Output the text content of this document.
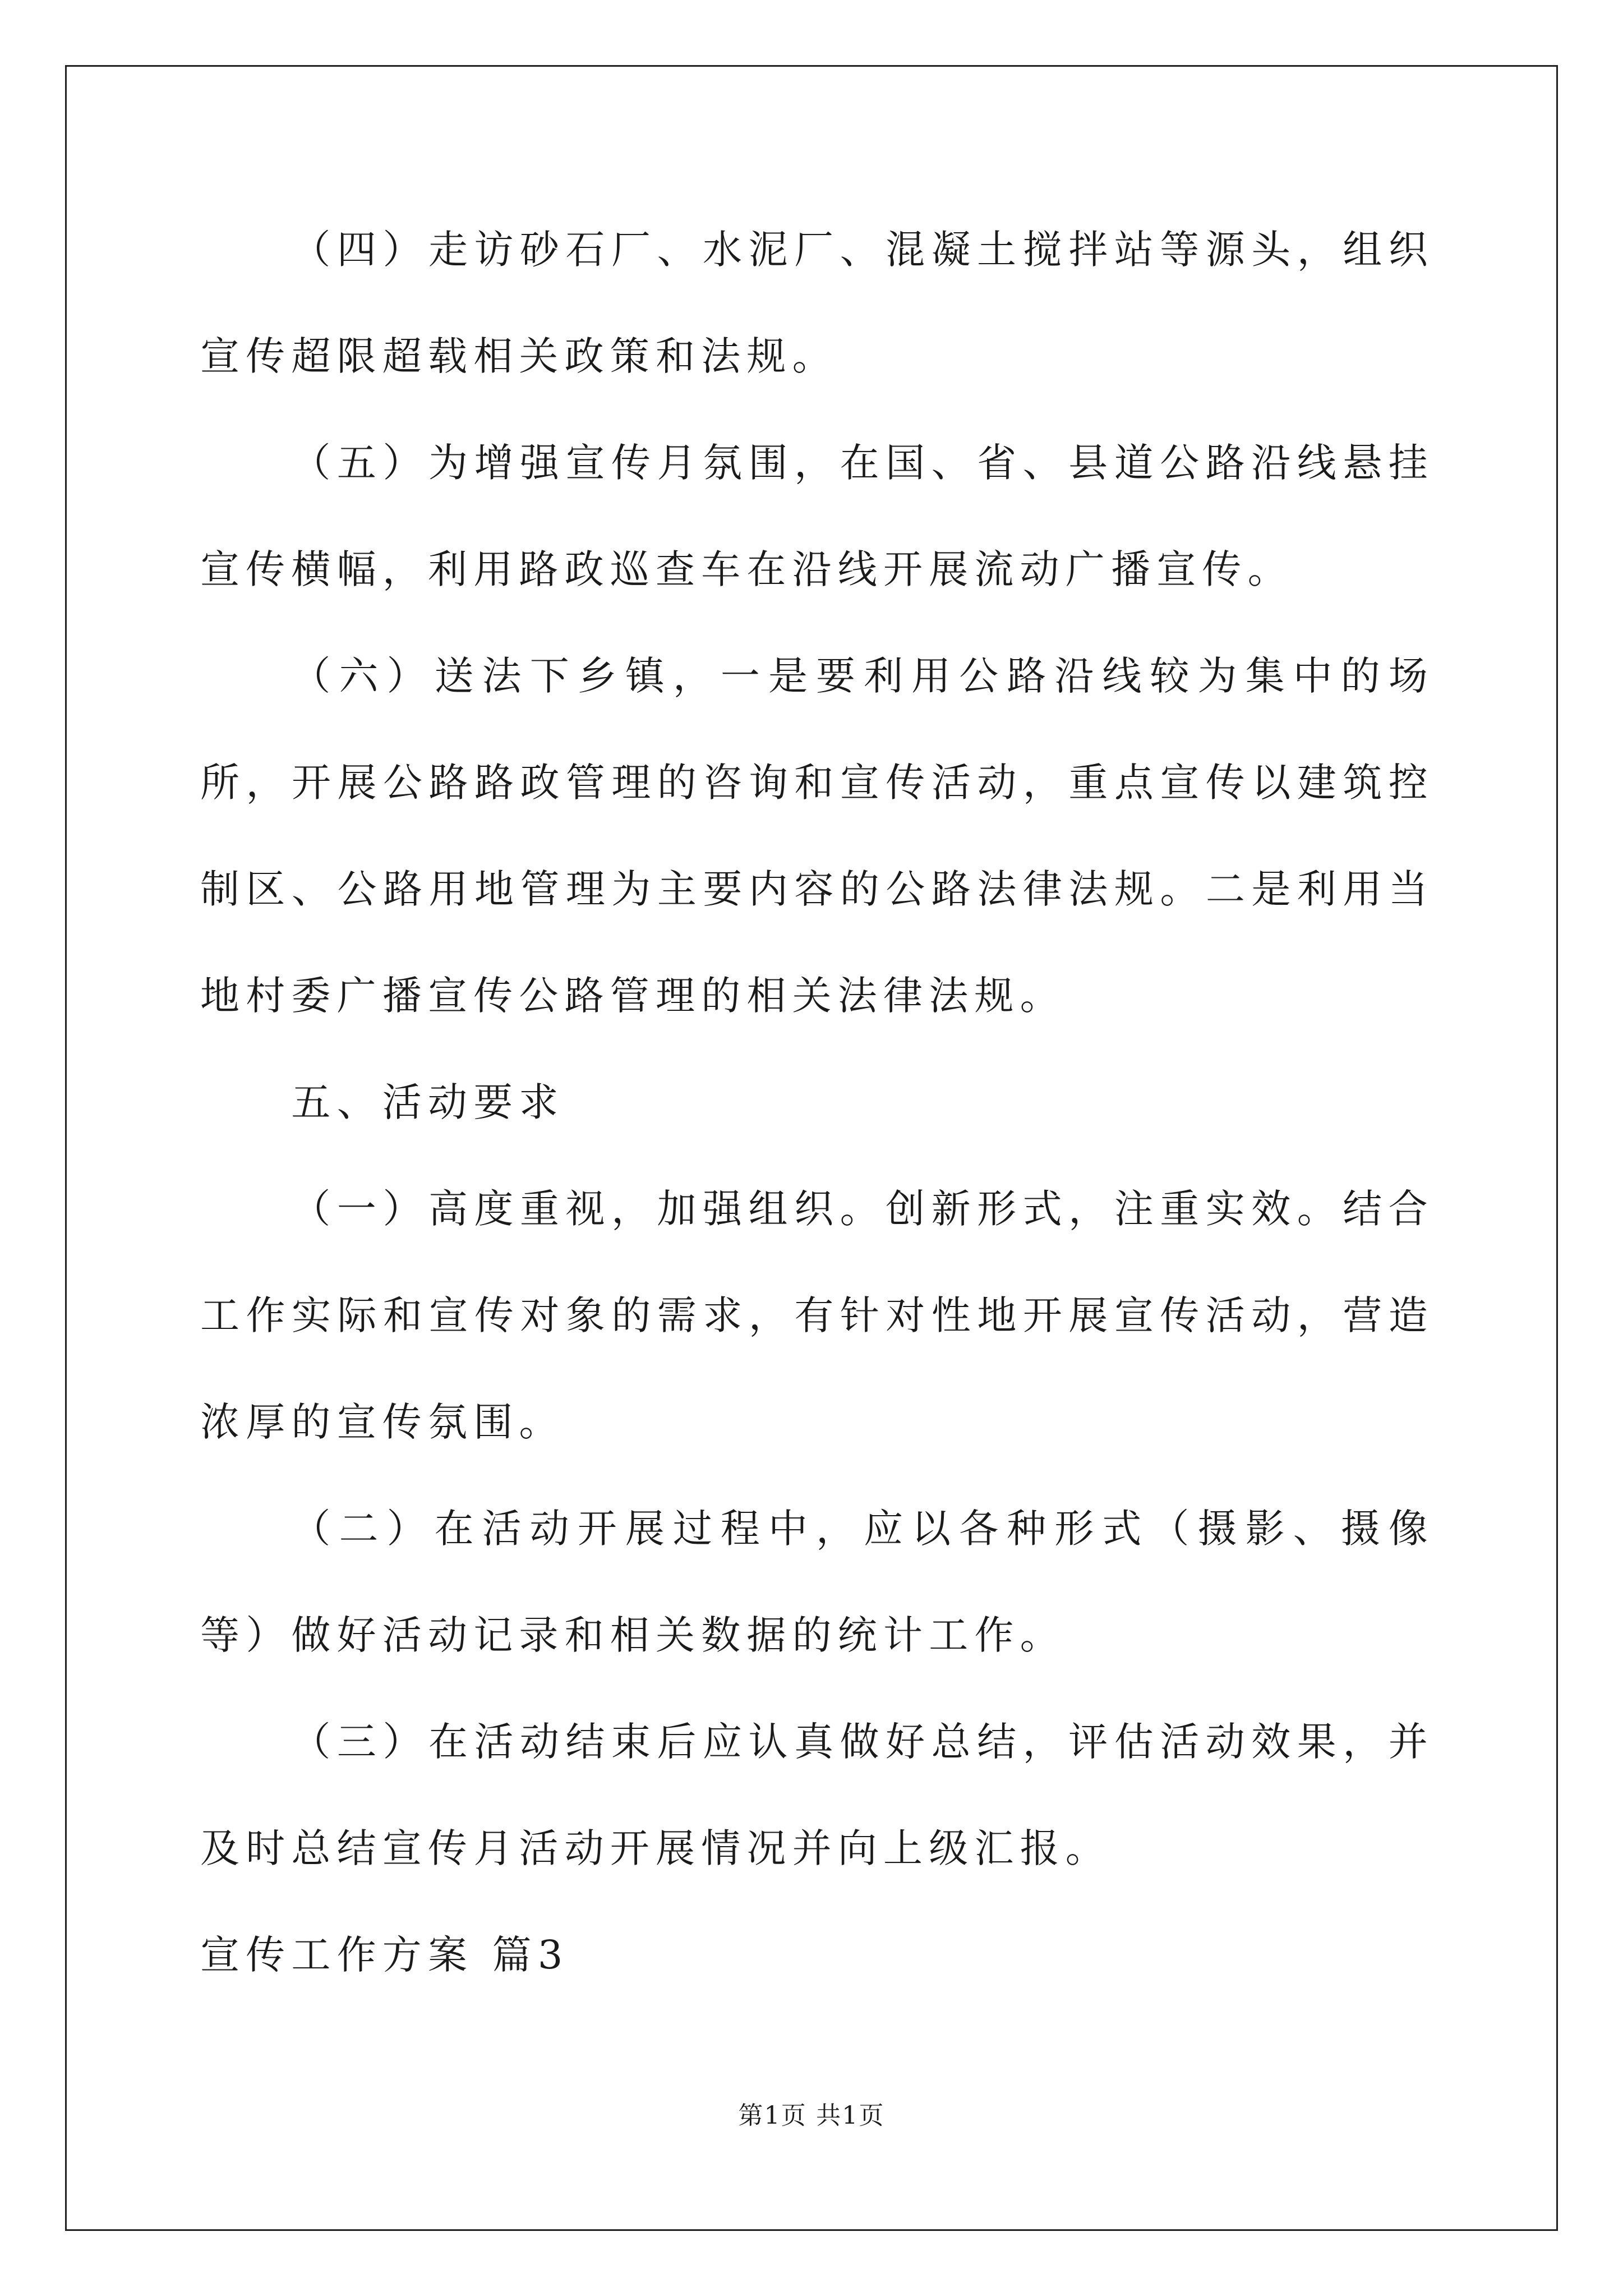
（四）走访砂石厂、水泥厂、混凝土搅拌站等源头，组织宣传超限超载相关政策和法规。

（五）为增强宣传月氛围，在国、省、县道公路沿线悬挂宣传横幅，利用路政巡查车在沿线开展流动广播宣传。

（六）送法下乡镇，一是要利用公路沿线较为集中的场所，开展公路路政管理的咨询和宣传活动，重点宣传以建筑控制区、公路用地管理为主要内容的公路法律法规。二是利用当地村委广播宣传公路管理的相关法律法规。

五、活动要求

（一）高度重视，加强组织。创新形式，注重实效。结合工作实际和宣传对象的需求，有针对性地开展宣传活动，营造浓厚的宣传氛围。

（二）在活动开展过程中，应以各种形式（摄影、摄像等）做好活动记录和相关数据的统计工作。

（三）在活动结束后应认真做好总结，评估活动效果，并及时总结宣传月活动开展情况并向上级汇报。

宣传工作方案 篇3

第1页 共1页
